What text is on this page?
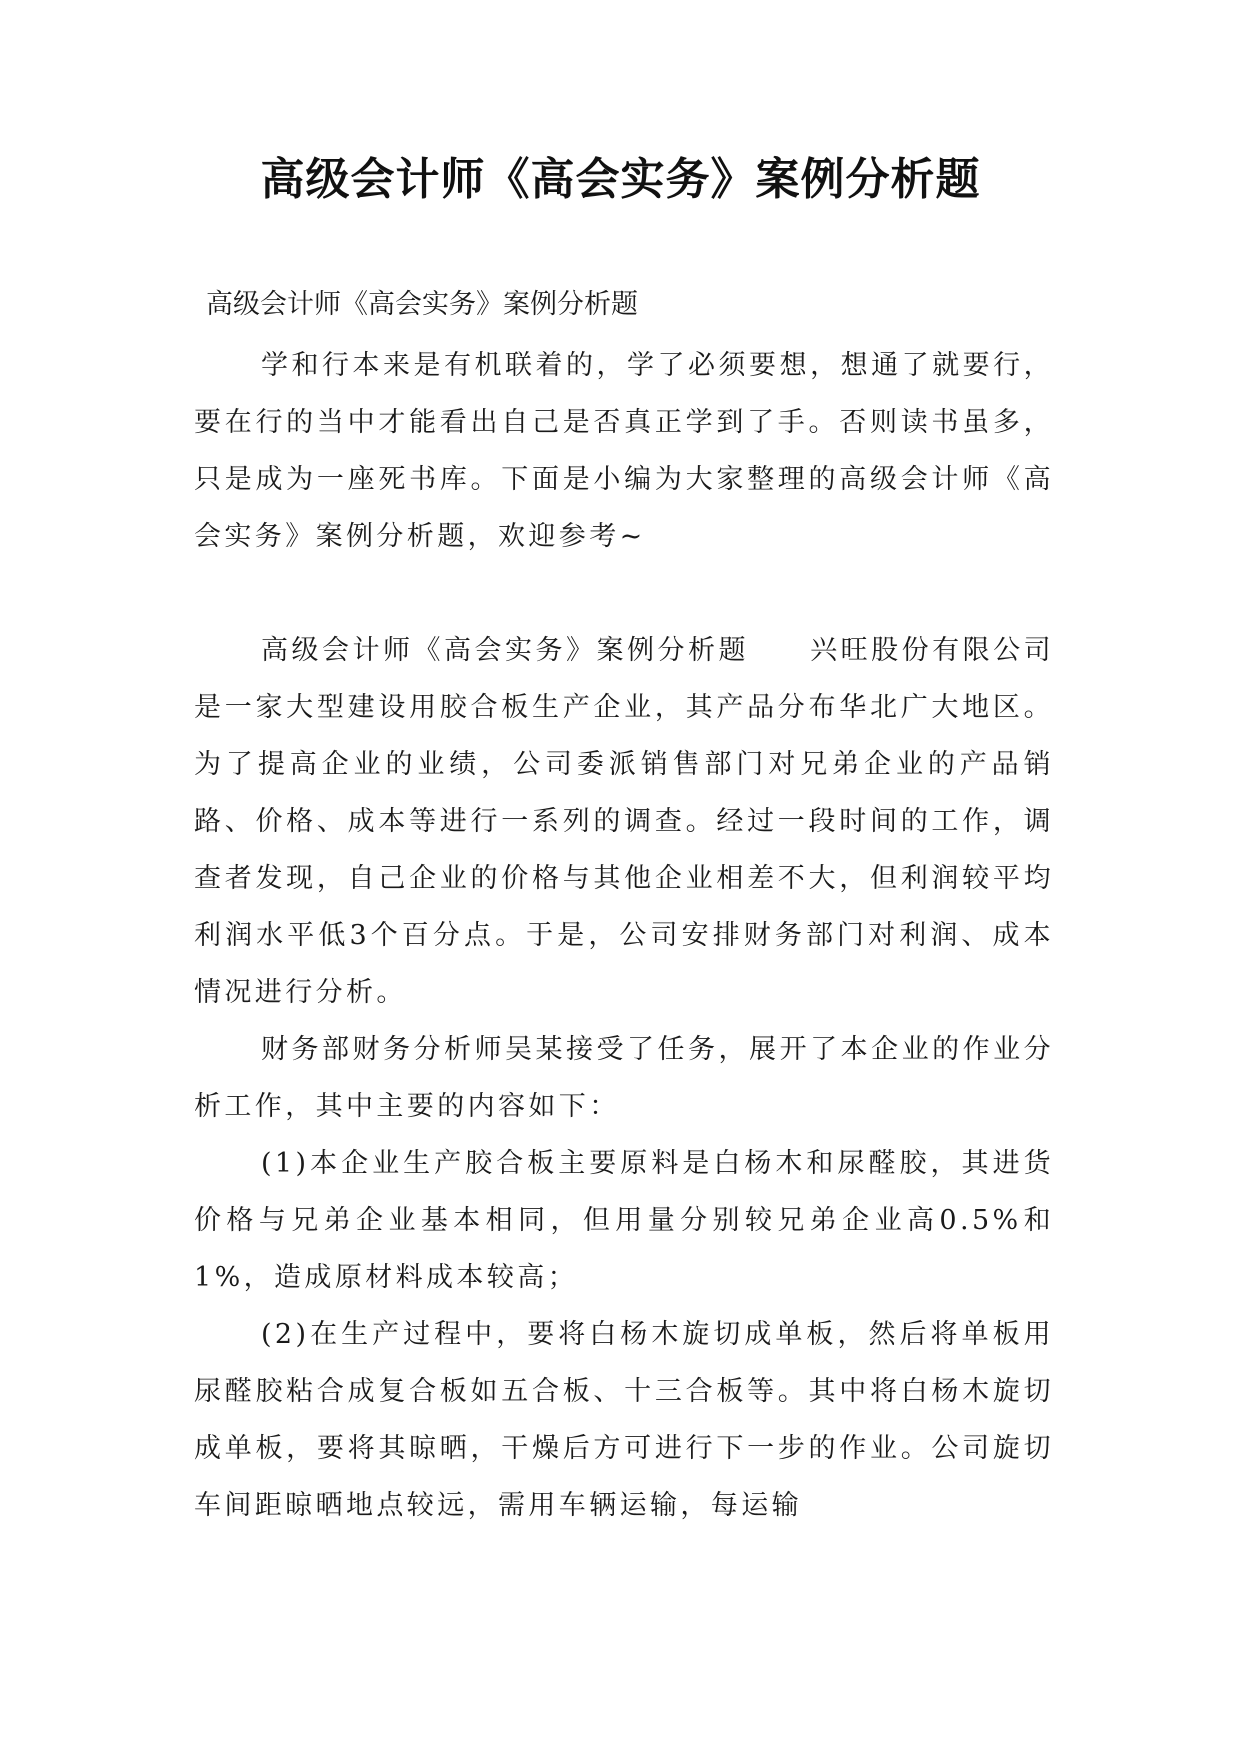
高级会计师《高会实务》案例分析题
高级会计师《高会实务》案例分析题

学和行本来是有机联着的，学了必须要想，想通了就要行，要在行的当中才能看出自己是否真正学到了手。否则读书虽多，只是成为一座死书库。下面是小编为大家整理的高级会计师《高会实务》案例分析题，欢迎参考~

高级会计师《高会实务》案例分析题　　兴旺股份有限公司是一家大型建设用胶合板生产企业，其产品分布华北广大地区。为了提高企业的业绩，公司委派销售部门对兄弟企业的产品销路、价格、成本等进行一系列的调查。经过一段时间的工作，调查者发现，自己企业的价格与其他企业相差不大，但利润较平均利润水平低3个百分点。于是，公司安排财务部门对利润、成本情况进行分析。

财务部财务分析师吴某接受了任务，展开了本企业的作业分析工作，其中主要的内容如下：

(1)本企业生产胶合板主要原料是白杨木和尿醛胶，其进货价格与兄弟企业基本相同，但用量分别较兄弟企业高0.5%和1%，造成原材料成本较高；

(2)在生产过程中，要将白杨木旋切成单板，然后将单板用尿醛胶粘合成复合板如五合板、十三合板等。其中将白杨木旋切成单板，要将其晾晒，干燥后方可进行下一步的作业。公司旋切车间距晾晒地点较远，需用车辆运输，每运输
